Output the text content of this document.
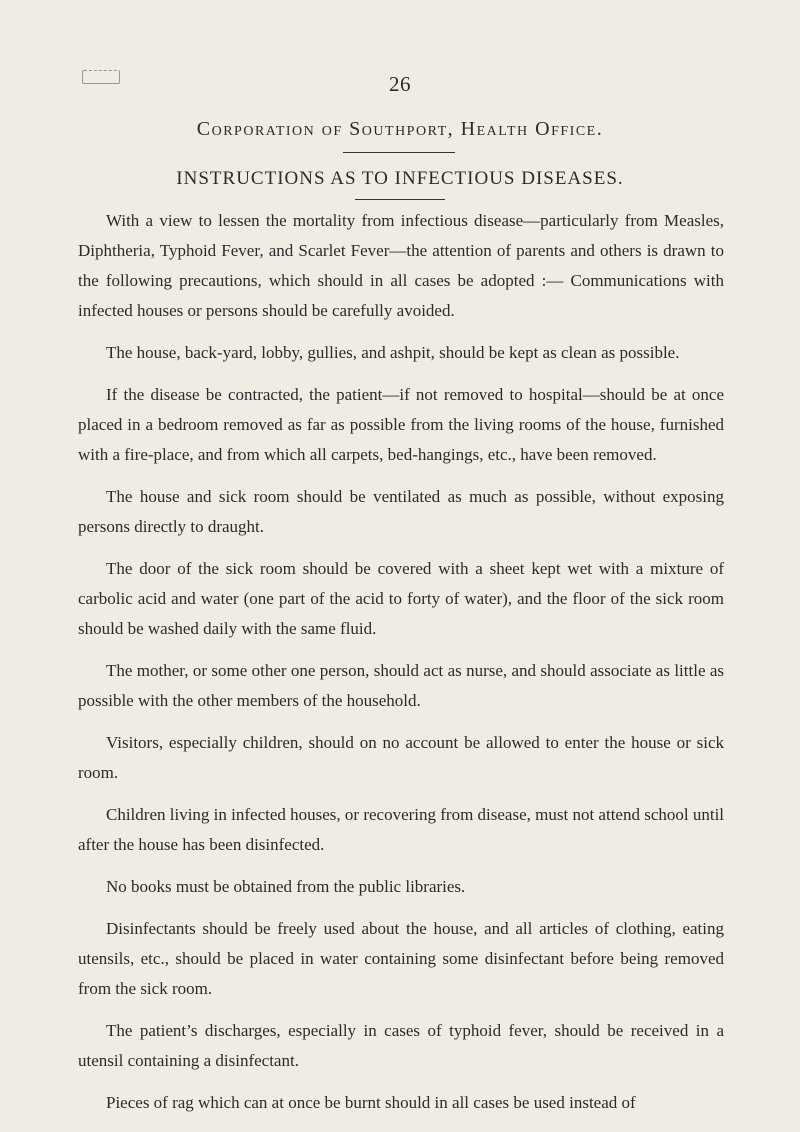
26
Corporation of Southport, Health Office.
INSTRUCTIONS AS TO INFECTIOUS DISEASES.

With a view to lessen the mortality from infectious disease—particularly from Measles, Diphtheria, Typhoid Fever, and Scarlet Fever—the attention of parents and others is drawn to the following precautions, which should in all cases be adopted :— Communications with infected houses or persons should be carefully avoided.

The house, back-yard, lobby, gullies, and ashpit, should be kept as clean as possible.

If the disease be contracted, the patient—if not removed to hospital—should be at once placed in a bedroom removed as far as possible from the living rooms of the house, furnished with a fire-place, and from which all carpets, bed-hangings, etc., have been removed.

The house and sick room should be ventilated as much as possible, without exposing persons directly to draught.

The door of the sick room should be covered with a sheet kept wet with a mixture of carbolic acid and water (one part of the acid to forty of water), and the floor of the sick room should be washed daily with the same fluid.

The mother, or some other one person, should act as nurse, and should associate as little as possible with the other members of the household.

Visitors, especially children, should on no account be allowed to enter the house or sick room.

Children living in infected houses, or recovering from disease, must not attend school until after the house has been disinfected.

No books must be obtained from the public libraries.

Disinfectants should be freely used about the house, and all articles of clothing, eating utensils, etc., should be placed in water containing some disinfectant before being removed from the sick room.

The patient’s discharges, especially in cases of typhoid fever, should be received in a utensil containing a disinfectant.

Pieces of rag which can at once be burnt should in all cases be used instead of
